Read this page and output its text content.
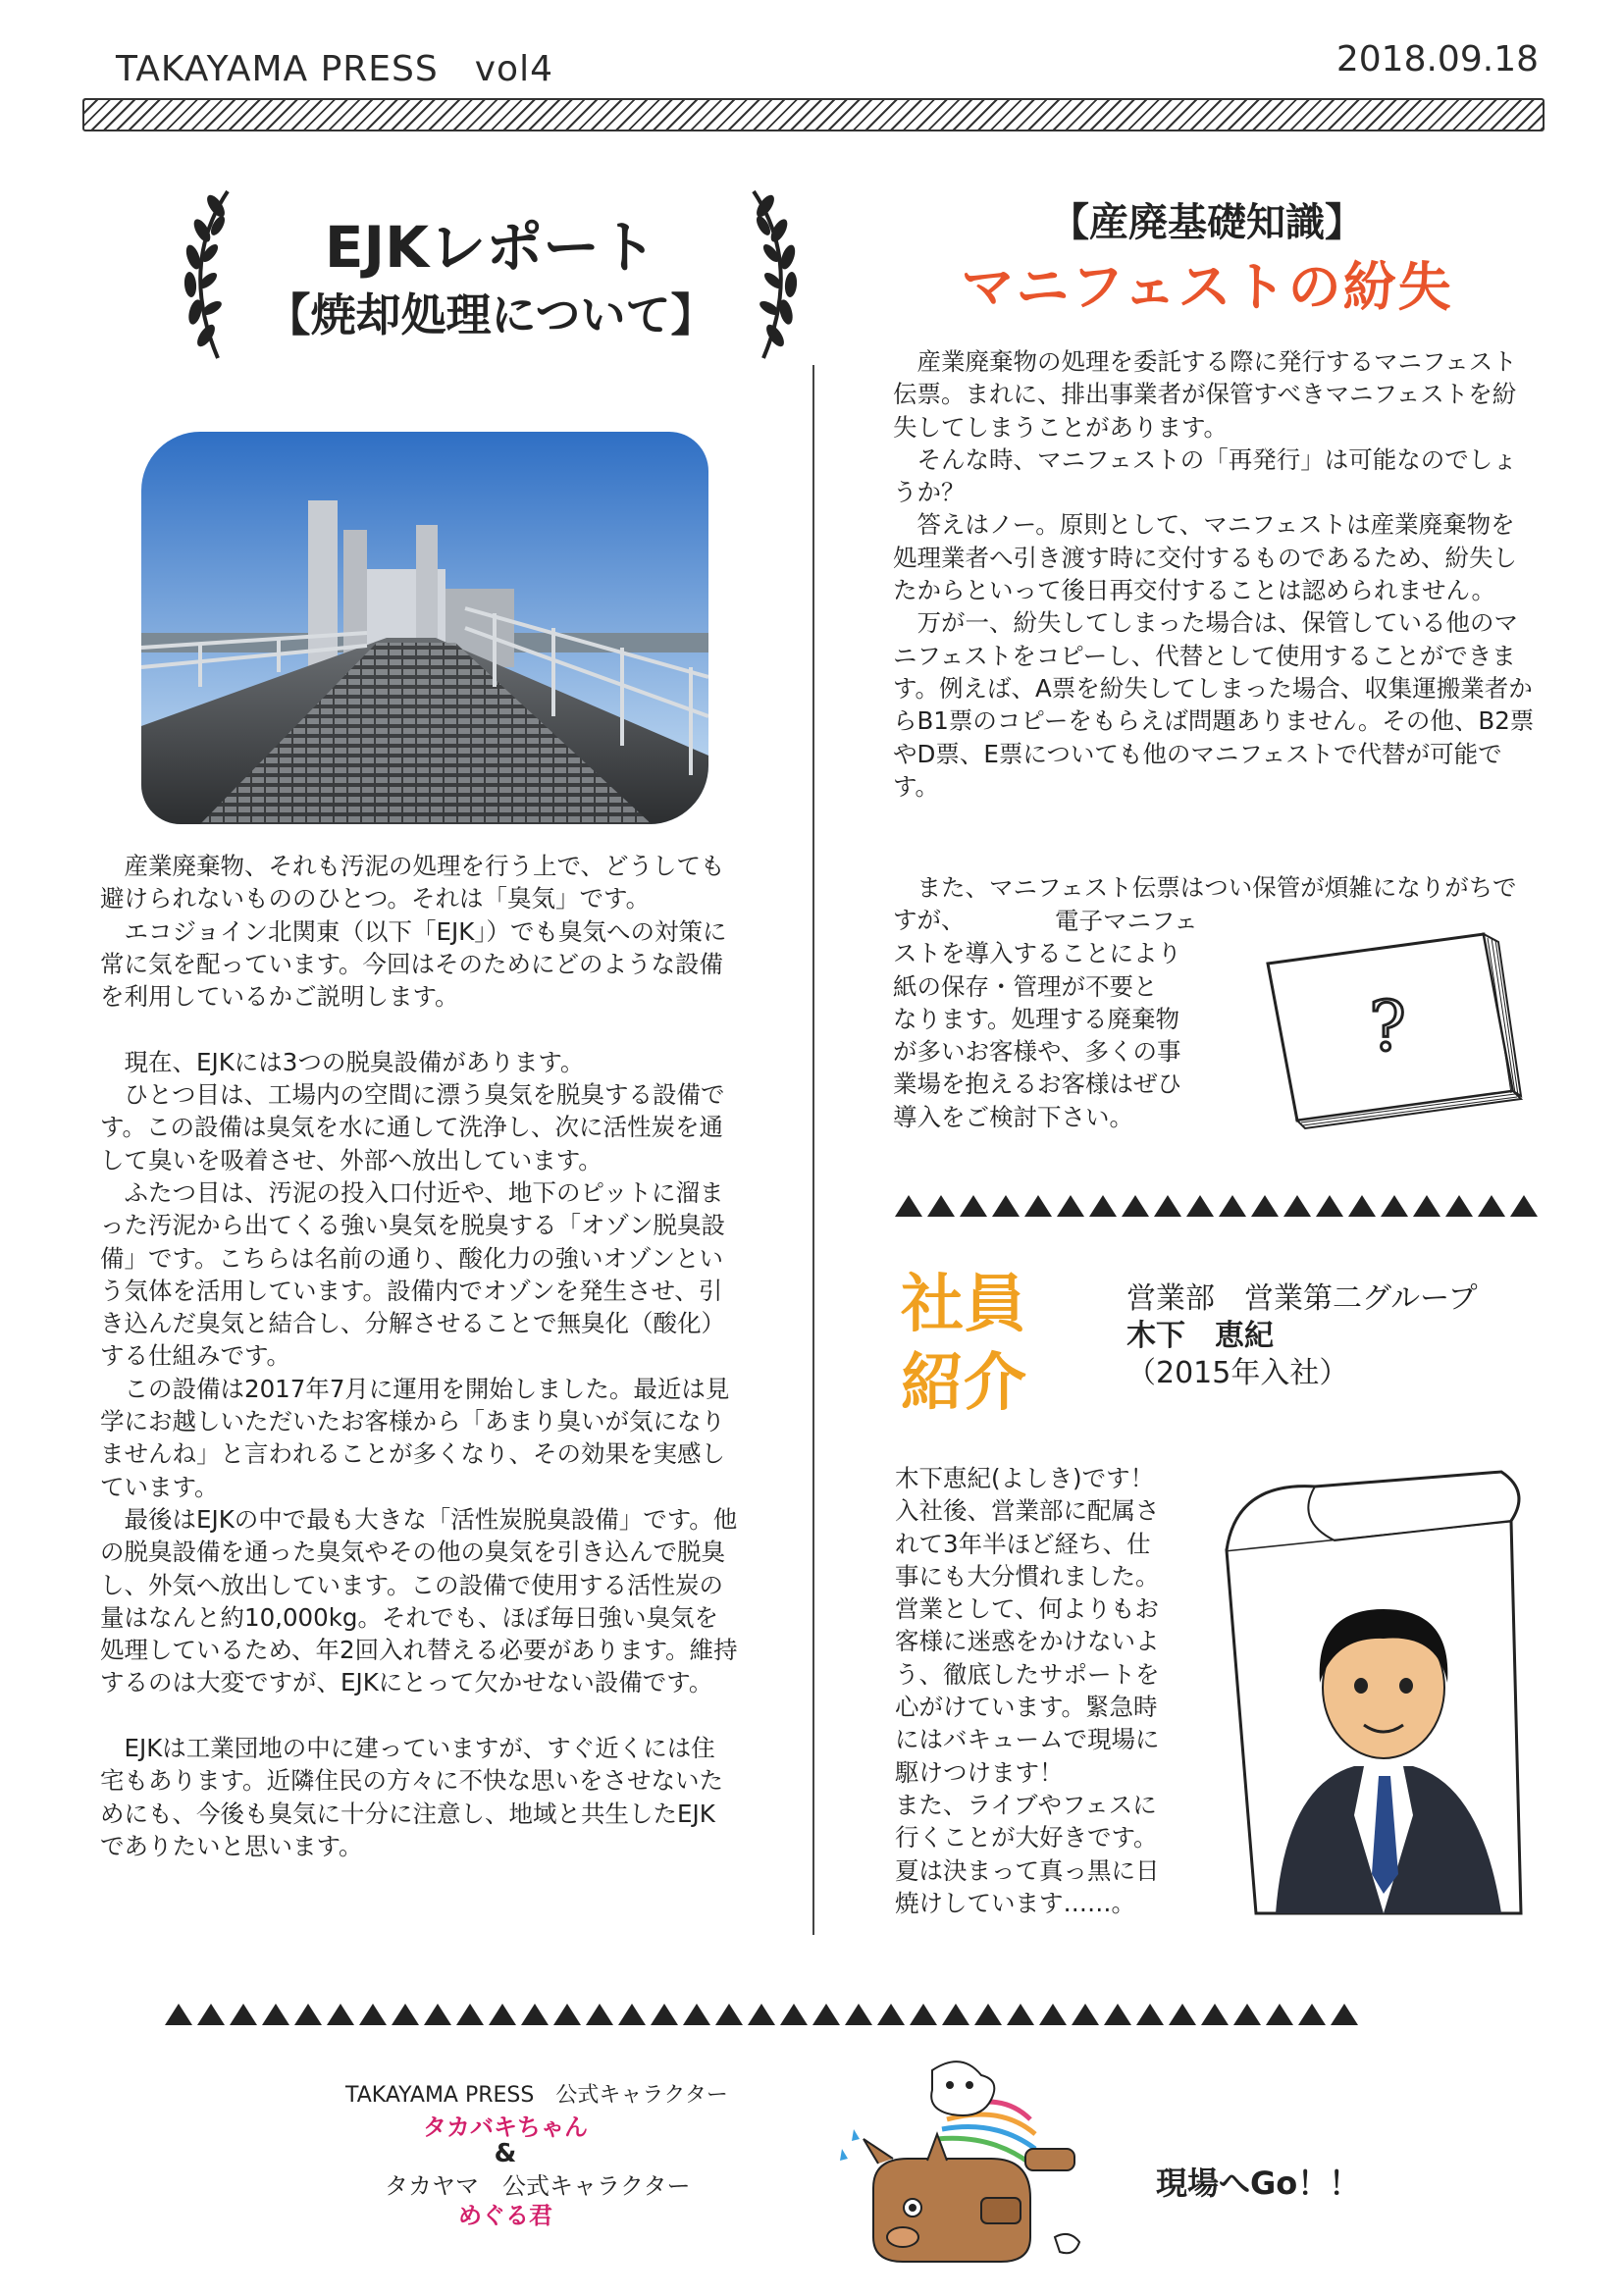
TAKAYAMA PRESS　vol4	2018.09.18
EJKレポート
【焼却処理について】

　産業廃棄物、それも汚泥の処理を行う上で、どうしても避けられないもののひとつ。それは「臭気」です。

　エコジョイン北関東（以下「EJK」）でも臭気への対策に常に気を配っています。今回はそのためにどのような設備を利用しているかご説明します。

　現在、EJKには3つの脱臭設備があります。

　ひとつ目は、工場内の空間に漂う臭気を脱臭する設備です。この設備は臭気を水に通して洗浄し、次に活性炭を通して臭いを吸着させ、外部へ放出しています。

　ふたつ目は、汚泥の投入口付近や、地下のピットに溜まった汚泥から出てくる強い臭気を脱臭する「オゾン脱臭設備」です。こちらは名前の通り、酸化力の強いオゾンという気体を活用しています。設備内でオゾンを発生させ、引き込んだ臭気と結合し、分解させることで無臭化（酸化）する仕組みです。

　この設備は2017年7月に運用を開始しました。最近は見学にお越しいただいたお客様から「あまり臭いが気になりませんね」と言われることが多くなり、その効果を実感しています。

　最後はEJKの中で最も大きな「活性炭脱臭設備」です。他の脱臭設備を通った臭気やその他の臭気を引き込んで脱臭し、外気へ放出しています。この設備で使用する活性炭の量はなんと約10,000kg。それでも、ほぼ毎日強い臭気を処理しているため、年2回入れ替える必要があります。維持するのは大変ですが、EJKにとって欠かせない設備です。

　EJKは工業団地の中に建っていますが、すぐ近くには住宅もあります。近隣住民の方々に不快な思いをさせないためにも、今後も臭気に十分に注意し、地域と共生したEJKでありたいと思います。

【産廃基礎知識】
マニフェストの紛失

　産業廃棄物の処理を委託する際に発行するマニフェスト伝票。まれに、排出事業者が保管すべきマニフェストを紛失してしまうことがあります。

　そんな時、マニフェストの「再発行」は可能なのでしょうか？

　答えはノー。原則として、マニフェストは産業廃棄物を処理業者へ引き渡す時に交付するものであるため、紛失したからといって後日再交付することは認められません。

　万が一、紛失してしまった場合は、保管している他のマニフェストをコピーし、代替として使用することができます。例えば、A票を紛失してしまった場合、収集運搬業者からB1票のコピーをもらえば問題ありません。その他、B2票やD票、E票についても他のマニフェストで代替が可能です。

　また、マニフェスト伝票はつい保管が煩雑になりがちですが、	電子マニフェ

ストを導入することにより

紙の保存・管理が不要と

なります。処理する廃棄物

が多いお客様や、多くの事

業場を抱えるお客様はぜひ

導入をご検討下さい。

?
社員
紹介
営業部　営業第二グループ
木下　恵紀
（2015年入社）

木下恵紀(よしき)です！

入社後、営業部に配属さ

れて3年半ほど経ち、仕

事にも大分慣れました。

営業として、何よりもお

客様に迷惑をかけないよ

う、徹底したサポートを

心がけています。緊急時

にはバキュームで現場に

駆けつけます！

また、ライブやフェスに

行くことが大好きです。

夏は決まって真っ黒に日

焼けしています……。

TAKAYAMA PRESS　公式キャラクター
タカバキちゃん
&
タカヤマ　公式キャラクター
めぐる君
現場へGo！！
